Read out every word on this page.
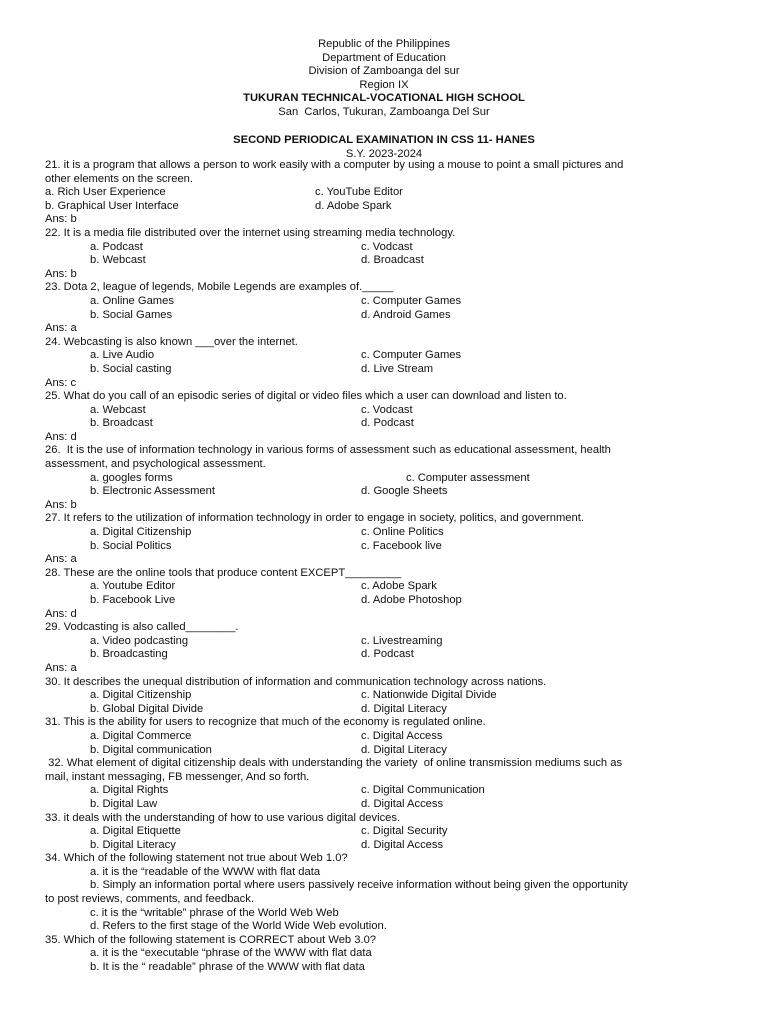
Republic of the Philippines
Department of Education
Division of Zamboanga del sur
Region IX
TUKURAN TECHNICAL-VOCATIONAL HIGH SCHOOL
San  Carlos, Tukuran, Zamboanga Del Sur
SECOND PERIODICAL EXAMINATION IN CSS 11- HANES
S.Y. 2023-2024
21. it is a program that allows a person to work easily with a computer by using a mouse to point a small pictures and
other elements on the screen.
a. Rich User Experience	c. YouTube Editor
b. Graphical User Interface	d. Adobe Spark
Ans: b
22. It is a media file distributed over the internet using streaming media technology.
a. Podcast	c. Vodcast
b. Webcast	d. Broadcast
Ans: b
23. Dota 2, league of legends, Mobile Legends are examples of._____
a. Online Games	c. Computer Games
b. Social Games	d. Android Games
Ans: a
24. Webcasting is also known ___over the internet.
a. Live Audio	c. Computer Games
b. Social casting	d. Live Stream
Ans: c
25. What do you call of an episodic series of digital or video files which a user can download and listen to.
a. Webcast	c. Vodcast
b. Broadcast	d. Podcast
Ans: d
26.  It is the use of information technology in various forms of assessment such as educational assessment, health
assessment, and psychological assessment.
a. googles forms	c. Computer assessment
b. Electronic Assessment	d. Google Sheets
Ans: b
27. It refers to the utilization of information technology in order to engage in society, politics, and government.
a. Digital Citizenship	c. Online Politics
b. Social Politics	c. Facebook live
Ans: a
28. These are the online tools that produce content EXCEPT_________
a. Youtube Editor	c. Adobe Spark
b. Facebook Live	d. Adobe Photoshop
Ans: d
29. Vodcasting is also called________.
a. Video podcasting	c. Livestreaming
b. Broadcasting	d. Podcast
Ans: a
30. It describes the unequal distribution of information and communication technology across nations.
a. Digital Citizenship	c. Nationwide Digital Divide
b. Global Digital Divide	d. Digital Literacy
31. This is the ability for users to recognize that much of the economy is regulated online.
a. Digital Commerce	c. Digital Access
b. Digital communication	d. Digital Literacy
32. What element of digital citizenship deals with understanding the variety  of online transmission mediums such as
mail, instant messaging, FB messenger, And so forth.
a. Digital Rights	c. Digital Communication
b. Digital Law	d. Digital Access
33. it deals with the understanding of how to use various digital devices.
a. Digital Etiquette	c. Digital Security
b. Digital Literacy	d. Digital Access
34. Which of the following statement not true about Web 1.0?
a. it is the “readable of the WWW with flat data
b. Simply an information portal where users passively receive information without being given the opportunity
to post reviews, comments, and feedback.
c. it is the “writable” phrase of the World Web Web
d. Refers to the first stage of the World Wide Web evolution.
35. Which of the following statement is CORRECT about Web 3.0?
a. it is the “executable “phrase of the WWW with flat data
b. It is the “ readable” phrase of the WWW with flat data
